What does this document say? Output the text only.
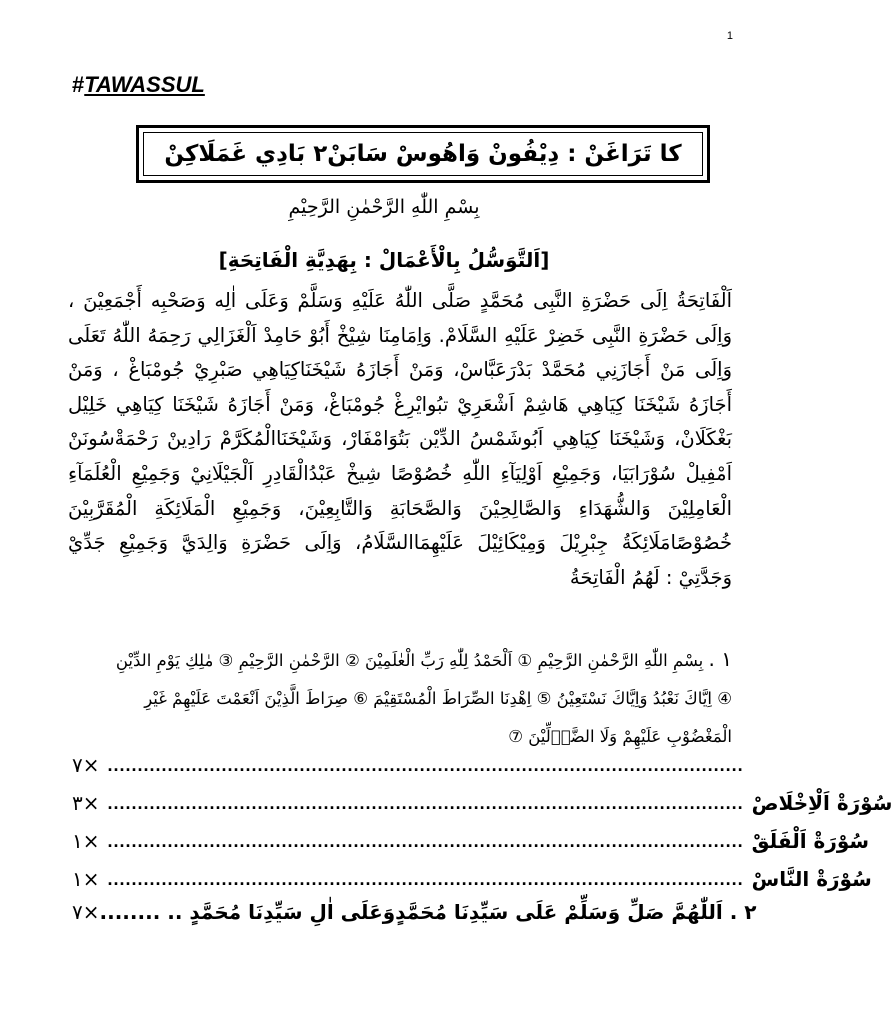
1
#TAWASSUL
كا تَرَاغَنْ : دِيْفُونْ وَاهُوسْ سَابَنْ٢ بَادِي غَمَلَاكِنْ
بِسْمِ اللّٰهِ الرَّحْمٰنِ الرَّحِيْمِ
[اَلتَّوَسُّلُ بِالْأَعْمَالْ : بِهَدِيَّةِ الْفَاتِحَةِ]
اَلْفَاتِحَةُ اِلَى حَضْرَةِ النَّبِى مُحَمَّدٍ صَلَّى اللّٰهُ عَلَيْهِ وَسَلَّمْ وَعَلَى اٰلِه وَصَحْبِه أَجْمَعِيْنَ ، وَاِلَى حَضْرَةِ النَّبِى خَضِرْ عَلَيْهِ السَّلَامْ. وَاِمَامِنَا شِيْخْ أَبُوْ حَامِدْ اَلْغَزَالِي رَحِمَهُ اللّٰهُ تَعَلَى وَاِلَى مَنْ أَجَازَنِي مُحَمَّدْ بَدْرَعَبَّاسْ، وَمَنْ أَجَازَهُ شَيْخَنَاكِيَاهِي صَبْرِيْ جُومْبَاغْ ، وَمَنْ أَجَازَهُ شَيْخَنَا كِيَاهِي هَاشِمْ اَشْعَرِيْ تبُوايْرِغْ جُومْبَاغْ، وَمَنْ أَجَازَهُ شَيْخَنَا كِيَاهِي خَلِيْل بَغْكَلَانْ، وَشَيْخَنَا كِيَاهِي اَبُوشَمْسُ الدِّيْن بَتُوَامْفَارْ، وَشَيْخَنَاالْمُكَرَّمْ رَادِينْ رَحْمَةْسُونَنْ اَمْفِيلْ سُوْرَابَيَا، وَجَمِيْعِ اَوْلِيَآءِ اللّٰهِ خُصُوْصًا شِيخْ عَبْدُالْقَادِرِ اَلْجَيْلَانِيْ وَجَمِيْعِ الْعُلَمَآءِ الْعَامِلِيْنَ وَالشُّهَدَاءِ وَالصَّالِحِيْنَ وَالصَّحَابَةِ وَالتَّابِعِيْنَ، وَجَمِيْعِ الْمَلَائِكَةِ الْمُقَرَّبِيْنَ خُصُوْصًامَلَائِكَةُ جِبْرِيْلَ وَمِيْكَائِيْلَ عَلَيْهِمَاالسَّلَامُ، وَاِلَى حَضْرَةِ وَالِدَيَّ وَجَمِيْعِ جَدِّيْ وَجَدَّتِيْ : لَهُمُ الْفَاتِحَةُ
١ . بِسْمِ اللّٰهِ الرَّحْمٰنِ الرَّحِيْمِ ① اَلْحَمْدُ لِلّٰهِ رَبِّ الْعٰلَمِيْنَ ② الرَّحْمٰنِ الرَّحِيْمِ ③ مٰلِكِ يَوْمِ الدِّيْنِ ④ اِيَّاكَ نَعْبُدُ وَاِيَّاكَ نَسْتَعِيْنُ ⑤ اِهْدِنَا الصِّرَاطَ الْمُسْتَقِيْمَ ⑥ صِرَاطَ الَّذِيْنَ اَنْعَمْتَ عَلَيْهِمْ غَيْرِ الْمَغْضُوْبِ عَلَيْهِمْ وَلَا الضَّاۤلِّيْنَ ⑦
٧× ..........................................................................................................
٣× .......................................................................................................... سُوْرَةْ اَلْاِخْلَاصْ
١× .......................................................................................................... سُوْرَةْ اَلْفَلَقْ
١× .......................................................................................................... سُوْرَةْ النَّاسْ
٧× ٢ . اَللّٰهُمَّ صَلِّ وَسَلِّمْ عَلَى سَيِّدِنَا مُحَمَّدٍوَعَلَى اٰلِ سَيِّدِنَا مُحَمَّدٍ .. ........
